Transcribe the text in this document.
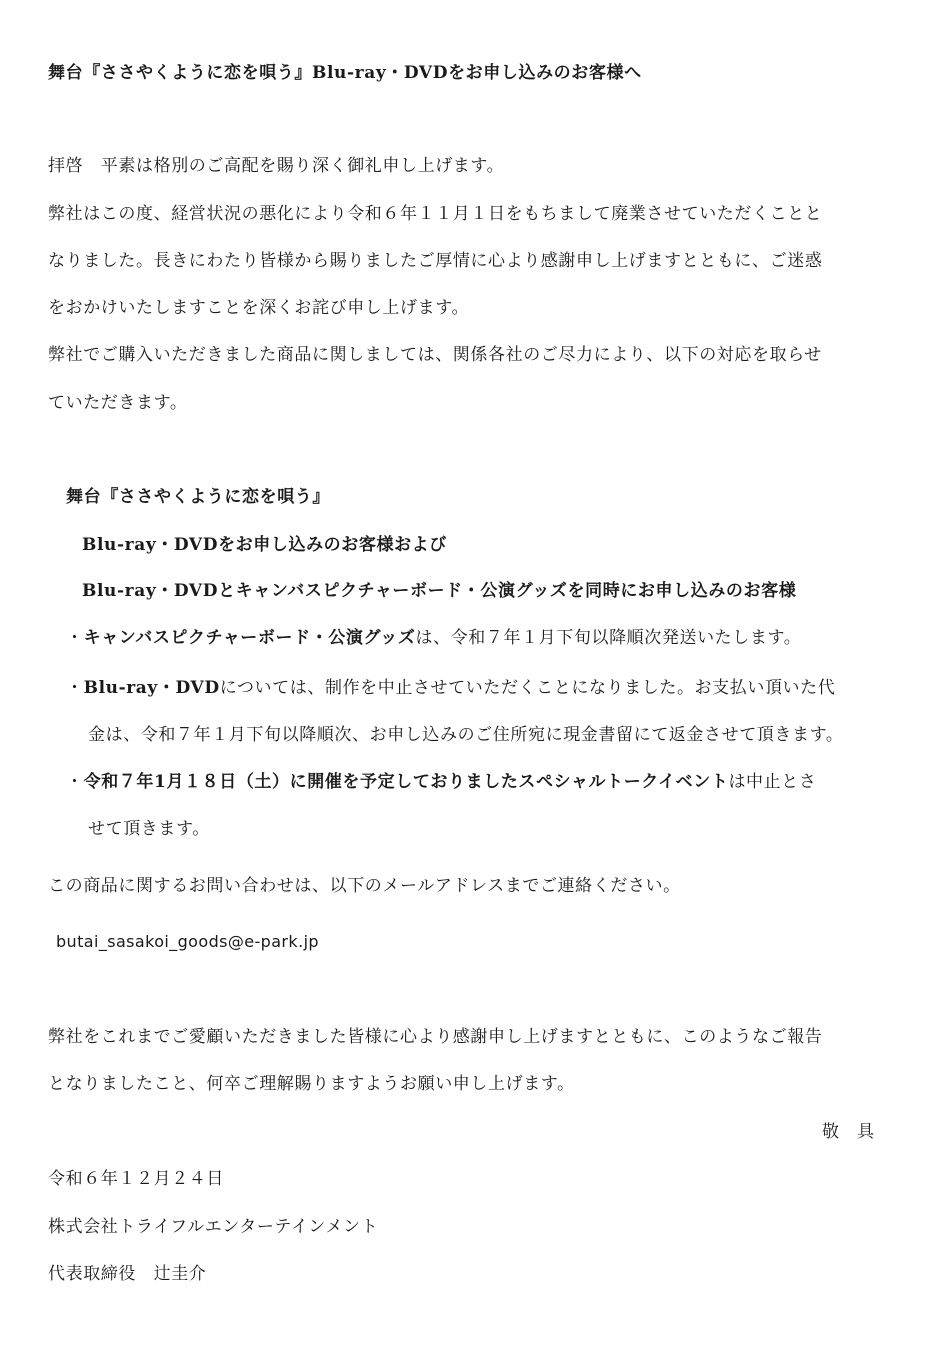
舞台『ささやくように恋を唄う』Blu-ray・DVDをお申し込みのお客様へ
拝啓　平素は格別のご高配を賜り深く御礼申し上げます。
弊社はこの度、経営状況の悪化により令和６年１１月１日をもちまして廃業させていただくことと
なりました。長きにわたり皆様から賜りましたご厚情に心より感謝申し上げますとともに、ご迷惑
をおかけいたしますことを深くお詫び申し上げます。
弊社でご購入いただきました商品に関しましては、関係各社のご尽力により、以下の対応を取らせ
ていただきます。
舞台『ささやくように恋を唄う』
Blu-ray・DVDをお申し込みのお客様および
Blu-ray・DVDとキャンバスピクチャーボード・公演グッズを同時にお申し込みのお客様
・キャンバスピクチャーボード・公演グッズは、令和７年１月下旬以降順次発送いたします。
・Blu-ray・DVDについては、制作を中止させていただくことになりました。お支払い頂いた代
金は、令和７年１月下旬以降順次、お申し込みのご住所宛に現金書留にて返金させて頂きます。
・令和７年1月１８日（土）に開催を予定しておりましたスペシャルトークイベントは中止とさ
せて頂きます。
この商品に関するお問い合わせは、以下のメールアドレスまでご連絡ください。
butai_sasakoi_goods@e-park.jp
弊社をこれまでご愛顧いただきました皆様に心より感謝申し上げますとともに、このようなご報告
となりましたこと、何卒ご理解賜りますようお願い申し上げます。
敬具
令和６年１２月２４日
株式会社トライフルエンターテインメント
代表取締役　辻圭介
